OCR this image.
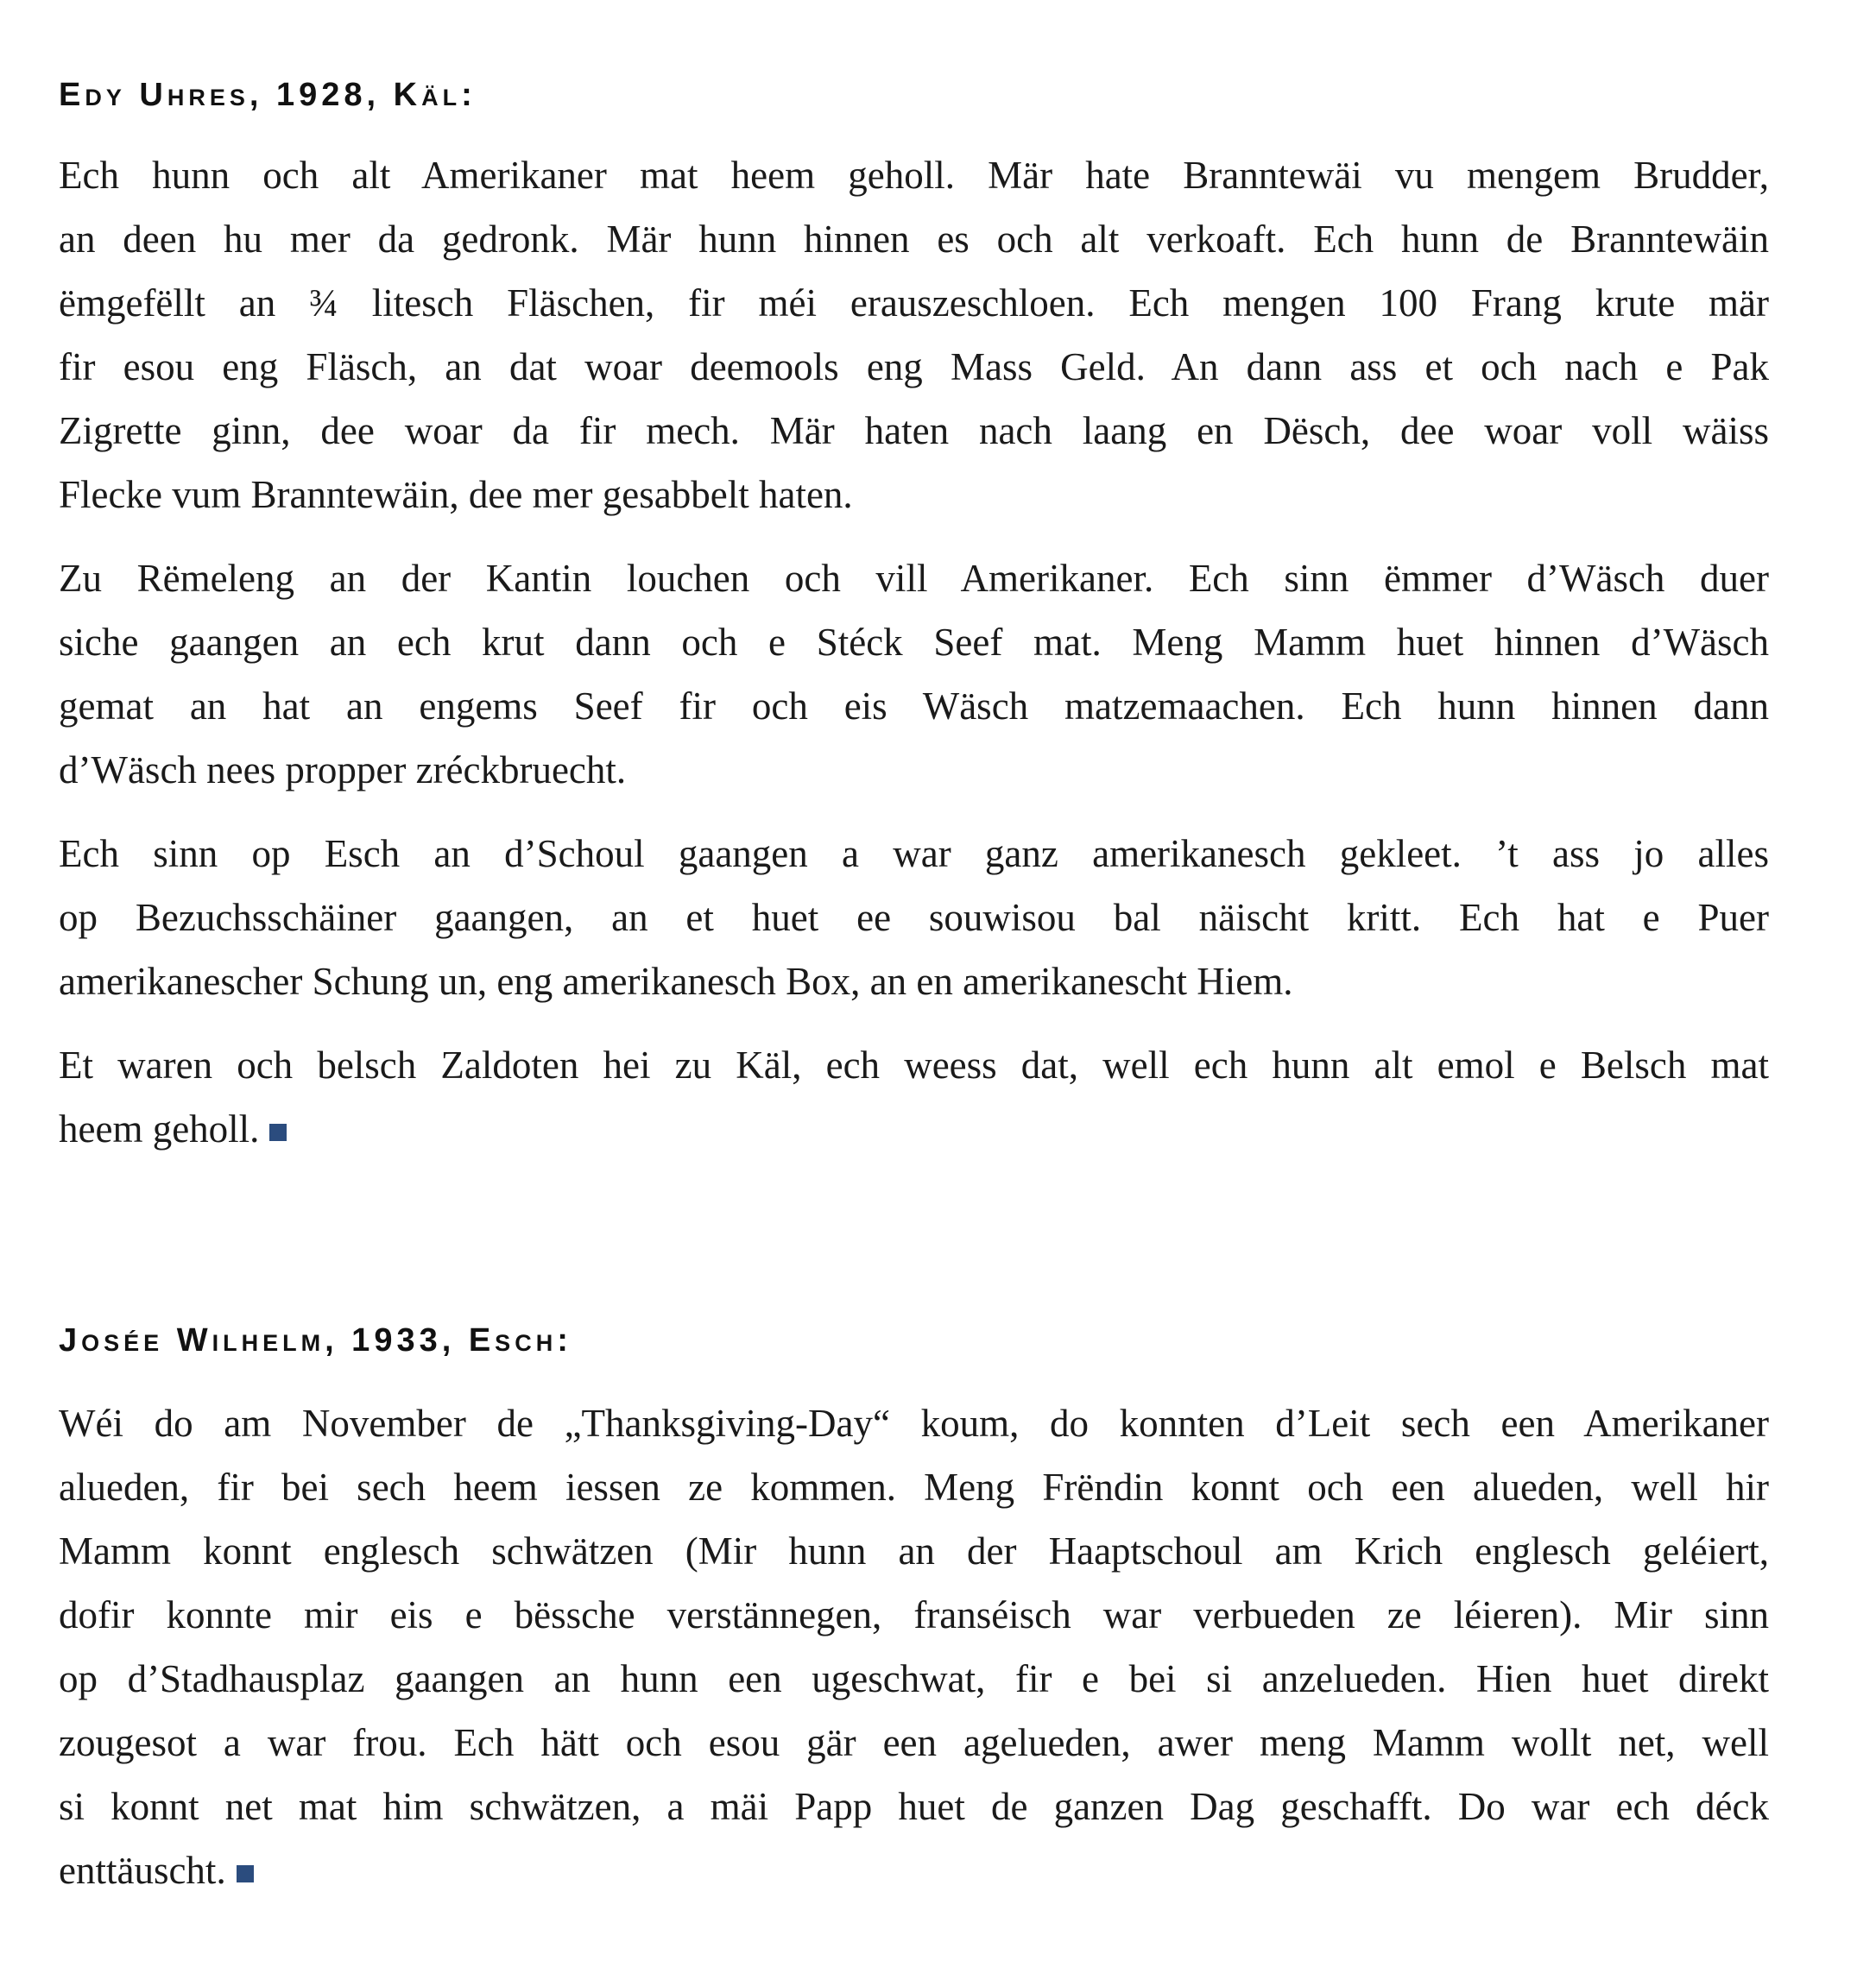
Edy Uhres, 1928, Käl:

Ech hunn och alt Amerikaner mat heem geholl. Mär hate Branntewäi vu mengem Brudder,
an deen hu mer da gedronk. Mär hunn hinnen es och alt verkoaft. Ech hunn de Branntewäin
ëmgefëllt an ¾ litesch Fläschen, fir méi erauszeschloen. Ech mengen 100 Frang krute mär
fir esou eng Fläsch, an dat woar deemools eng Mass Geld. An dann ass et och nach e Pak
Zigrette ginn, dee woar da fir mech. Mär haten nach laang en Dësch, dee woar voll wäiss
Flecke vum Branntewäin, dee mer gesabbelt haten.

Zu Rëmeleng an der Kantin louchen och vill Amerikaner. Ech sinn ëmmer d’Wäsch duer
siche gaangen an ech krut dann och e Stéck Seef mat. Meng Mamm huet hinnen d’Wäsch
gemat an hat an engems Seef fir och eis Wäsch matzemaachen. Ech hunn hinnen dann
d’Wäsch nees propper zréckbruecht.

Ech sinn op Esch an d’Schoul gaangen a war ganz amerikanesch gekleet. ’t ass jo alles
op Bezuchsschäiner gaangen, an et huet ee souwisou bal näischt kritt. Ech hat e Puer
amerikanescher Schung un, eng amerikanesch Box, an en amerikanescht Hiem.

Et waren och belsch Zaldoten hei zu Käl, ech weess dat, well ech hunn alt emol e Belsch mat
heem geholl.

Josée Wilhelm, 1933, Esch:

Wéi do am November de „Thanksgiving-Day“ koum, do konnten d’Leit sech een Amerikaner
alueden, fir bei sech heem iessen ze kommen. Meng Frëndin konnt och een alueden, well hir
Mamm konnt englesch schwätzen (Mir hunn an der Haaptschoul am Krich englesch geléiert,
dofir konnte mir eis e bëssche verstännegen, franséisch war verbueden ze léieren). Mir sinn
op d’Stadhausplaz gaangen an hunn een ugeschwat, fir e bei si anzelueden. Hien huet direkt
zougesot a war frou. Ech hätt och esou gär een agelueden, awer meng Mamm wollt net, well
si konnt net mat him schwätzen, a mäi Papp huet de ganzen Dag geschafft. Do war ech déck
enttäuscht.
